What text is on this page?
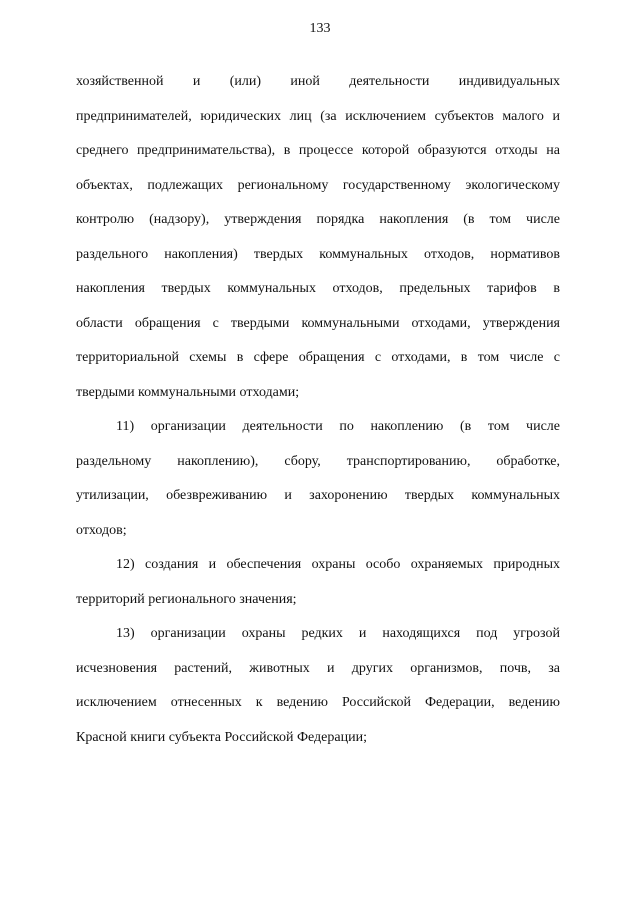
133
хозяйственной и (или) иной деятельности индивидуальных
предпринимателей, юридических лиц (за исключением субъектов малого и
среднего предпринимательства), в процессе которой образуются отходы на
объектах, подлежащих региональному государственному экологическому
контролю (надзору), утверждения порядка накопления (в том числе
раздельного накопления) твердых коммунальных отходов, нормативов
накопления твердых коммунальных отходов, предельных тарифов в
области обращения с твердыми коммунальными отходами, утверждения
территориальной схемы в сфере обращения с отходами, в том числе с
твердыми коммунальными отходами;
11) организации деятельности по накоплению (в том числе
раздельному накоплению), сбору, транспортированию, обработке,
утилизации, обезвреживанию и захоронению твердых коммунальных
отходов;
12) создания и обеспечения охраны особо охраняемых природных
территорий регионального значения;
13) организации охраны редких и находящихся под угрозой
исчезновения растений, животных и других организмов, почв, за
исключением отнесенных к ведению Российской Федерации, ведению
Красной книги субъекта Российской Федерации;
